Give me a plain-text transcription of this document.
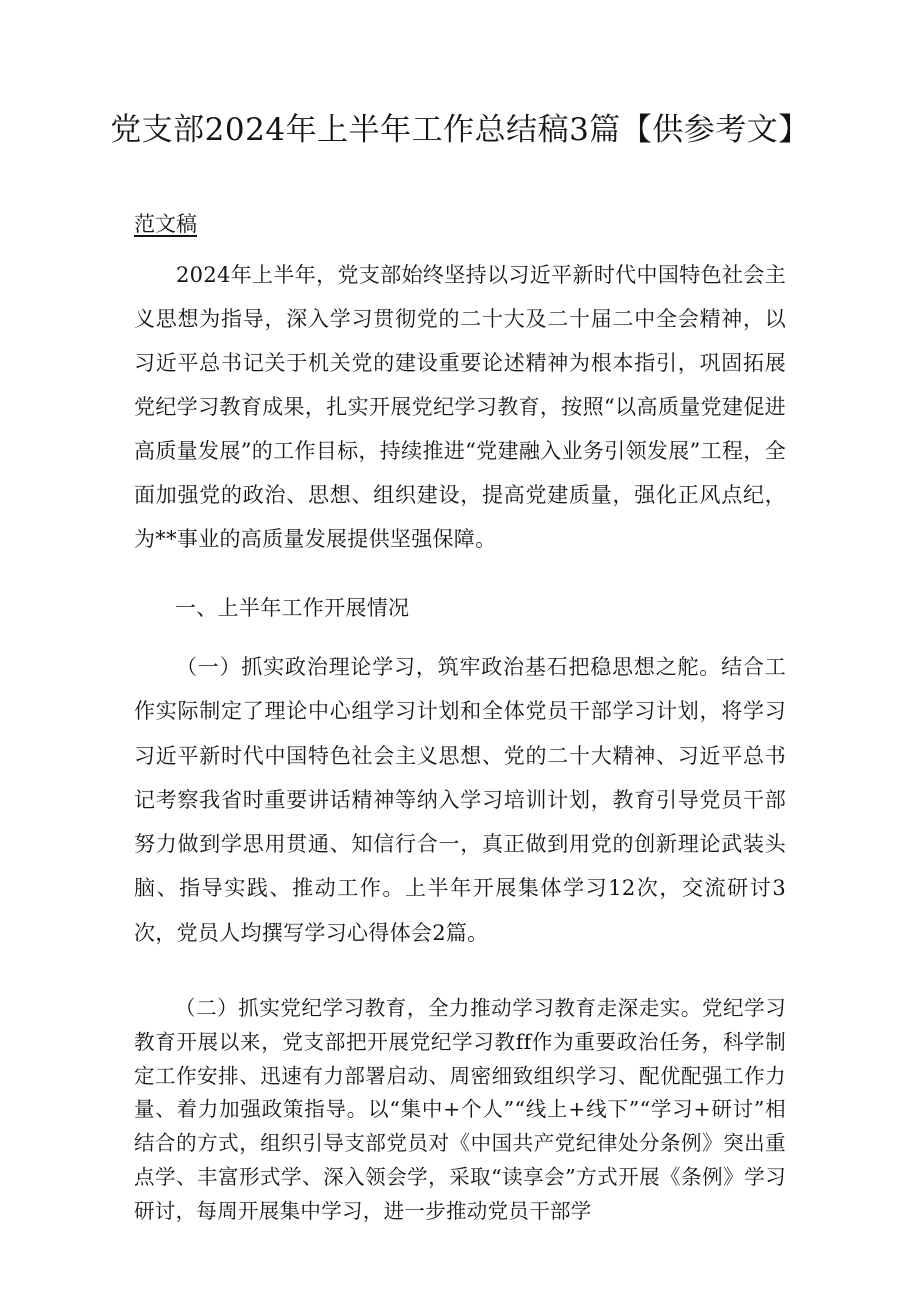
党支部2024年上半年工作总结稿3篇【供参考文】
范文稿

2024年上半年，党支部始终坚持以习近平新时代中国特色社会主义思想为指导，深入学习贯彻党的二十大及二十届二中全会精神，以习近平总书记关于机关党的建设重要论述精神为根本指引，巩固拓展党纪学习教育成果，扎实开展党纪学习教育，按照“以高质量党建促进高质量发展”的工作目标，持续推进“党建融入业务引领发展”工程，全面加强党的政治、思想、组织建设，提高党建质量，强化正风点纪，为**事业的高质量发展提供坚强保障。

一、上半年工作开展情况

（一）抓实政治理论学习，筑牢政治基石把稳思想之舵。结合工作实际制定了理论中心组学习计划和全体党员干部学习计划，将学习习近平新时代中国特色社会主义思想、党的二十大精神、习近平总书记考察我省时重要讲话精神等纳入学习培训计划，教育引导党员干部努力做到学思用贯通、知信行合一，真正做到用党的创新理论武装头脑、指导实践、推动工作。上半年开展集体学习12次，交流研讨3次，党员人均撰写学习心得体会2篇。

（二）抓实党纪学习教育，全力推动学习教育走深走实。党纪学习教育开展以来，党支部把开展党纪学习教ff作为重要政治任务，科学制定工作安排、迅速有力部署启动、周密细致组织学习、配优配强工作力量、着力加强政策指导。以“集中+个人”“线上+线下”“学习+研讨”相结合的方式，组织引导支部党员对《中国共产党纪律处分条例》突出重点学、丰富形式学、深入领会学，采取“读享会”方式开展《条例》学习研讨，每周开展集中学习，进一步推动党员干部学
